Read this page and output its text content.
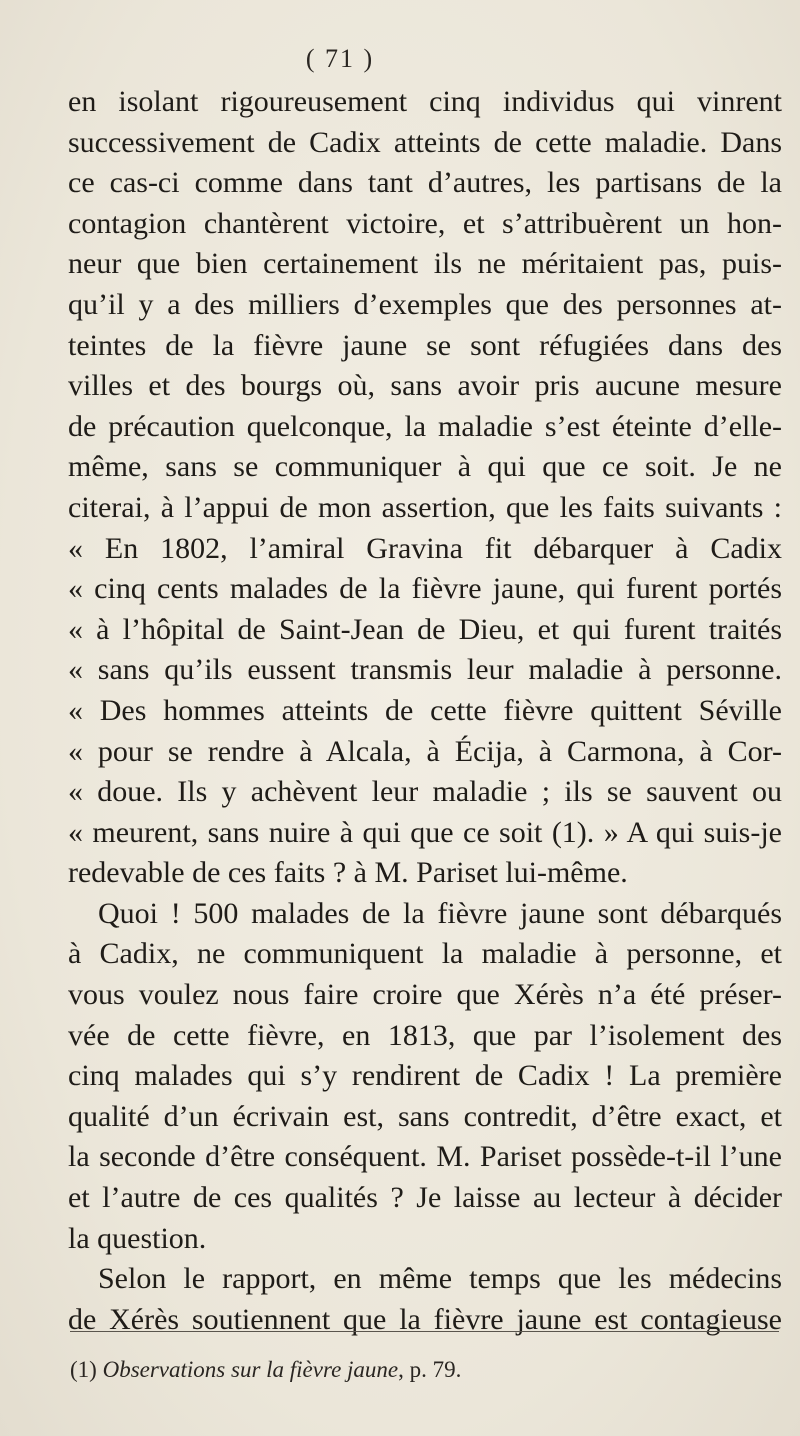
( 71 )
en isolant rigoureusement cinq individus qui vinrent
successivement de Cadix atteints de cette maladie. Dans
ce cas-ci comme dans tant d’autres, les partisans de la
contagion chantèrent victoire, et s’attribuèrent un hon-
neur que bien certainement ils ne méritaient pas, puis-
qu’il y a des milliers d’exemples que des personnes at-
teintes de la fièvre jaune se sont réfugiées dans des
villes et des bourgs où, sans avoir pris aucune mesure
de précaution quelconque, la maladie s’est éteinte d’elle-
même, sans se communiquer à qui que ce soit. Je ne
citerai, à l’appui de mon assertion, que les faits suivants :
« En 1802, l’amiral Gravina fit débarquer à Cadix
« cinq cents malades de la fièvre jaune, qui furent portés
« à l’hôpital de Saint-Jean de Dieu, et qui furent traités
« sans qu’ils eussent transmis leur maladie à personne.
« Des hommes atteints de cette fièvre quittent Séville
« pour se rendre à Alcala, à Écija, à Carmona, à Cor-
« doue. Ils y achèvent leur maladie ; ils se sauvent ou
« meurent, sans nuire à qui que ce soit (1). » A qui suis-je
redevable de ces faits ? à M. Pariset lui-même.
Quoi ! 500 malades de la fièvre jaune sont débarqués
à Cadix, ne communiquent la maladie à personne, et
vous voulez nous faire croire que Xérès n’a été préser-
vée de cette fièvre, en 1813, que par l’isolement des
cinq malades qui s’y rendirent de Cadix ! La première
qualité d’un écrivain est, sans contredit, d’être exact, et
la seconde d’être conséquent. M. Pariset possède-t-il l’une
et l’autre de ces qualités ? Je laisse au lecteur à décider
la question.
Selon le rapport, en même temps que les médecins
de Xérès soutiennent que la fièvre jaune est contagieuse
(1) Observations sur la fièvre jaune, p. 79.
